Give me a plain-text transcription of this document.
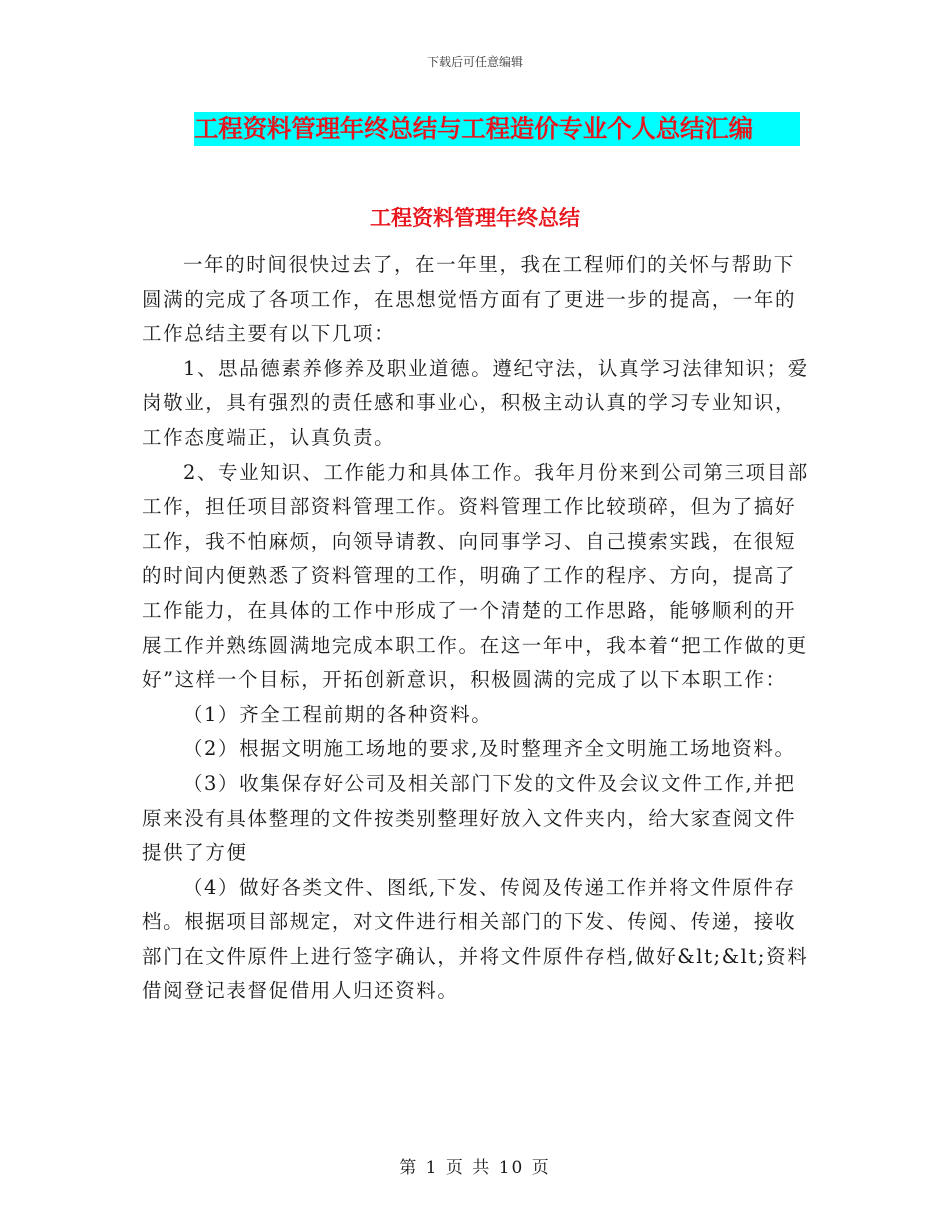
下载后可任意编辑
工程资料管理年终总结与工程造价专业个人总结汇编
工程资料管理年终总结

一年的时间很快过去了，在一年里，我在工程师们的关怀与帮助下圆满的完成了各项工作，在思想觉悟方面有了更进一步的提高，一年的工作总结主要有以下几项：

1、思品德素养修养及职业道德。遵纪守法，认真学习法律知识；爱岗敬业，具有强烈的责任感和事业心，积极主动认真的学习专业知识，工作态度端正，认真负责。

2、专业知识、工作能力和具体工作。我年月份来到公司第三项目部工作，担任项目部资料管理工作。资料管理工作比较琐碎，但为了搞好工作，我不怕麻烦，向领导请教、向同事学习、自己摸索实践，在很短的时间内便熟悉了资料管理的工作，明确了工作的程序、方向，提高了工作能力，在具体的工作中形成了一个清楚的工作思路，能够顺利的开展工作并熟练圆满地完成本职工作。在这一年中，我本着“把工作做的更好”这样一个目标，开拓创新意识，积极圆满的完成了以下本职工作：

（1）齐全工程前期的各种资料。

（2）根据文明施工场地的要求,及时整理齐全文明施工场地资料。

（3）收集保存好公司及相关部门下发的文件及会议文件工作,并把原来没有具体整理的文件按类别整理好放入文件夹内，给大家查阅文件提供了方便

（4）做好各类文件、图纸,下发、传阅及传递工作并将文件原件存档。根据项目部规定，对文件进行相关部门的下发、传阅、传递，接收部门在文件原件上进行签字确认，并将文件原件存档,做好&lt;&lt;资料借阅登记表督促借用人归还资料。

第 1 页 共 10 页
